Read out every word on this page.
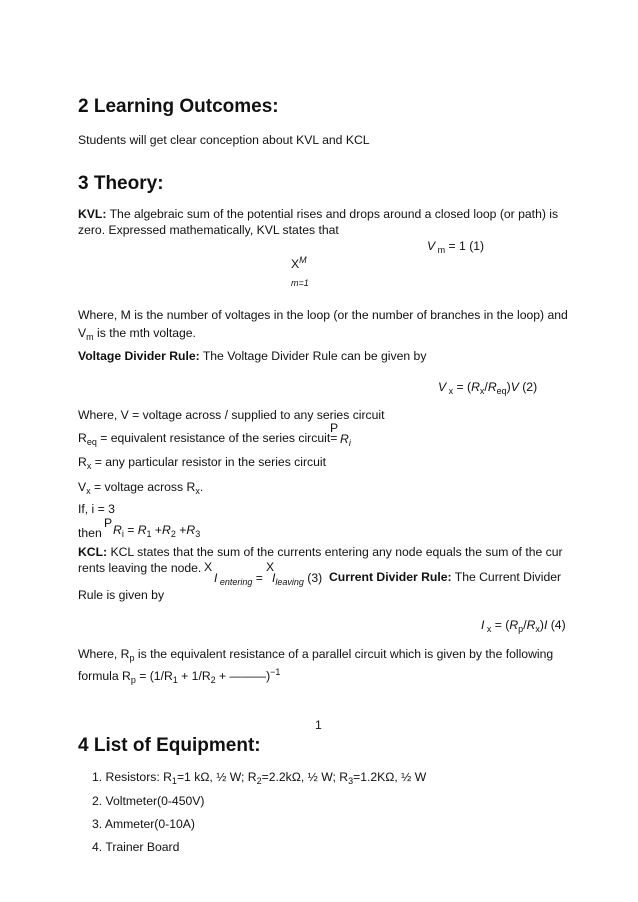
2 Learning Outcomes:
Students will get clear conception about KVL and KCL
3 Theory:
KVL: The algebraic sum of the potential rises and drops around a closed loop (or path) is
zero. Expressed mathematically, KVL states that
$X^M$
m=1
V $_m$ = 1 (1)
Where, M is the number of voltages in the loop (or the number of branches in the loop) and
$V_m$ is the mth voltage.
Voltage Divider Rule: The Voltage Divider Rule can be given by
V $_x = (R_x/R_{eq})V$ (2)
Where, V = voltage across / supplied to any series circuit
$R_{eq}$ = equivalent resistance of the series circuit=
P
$R_i$
$R_x$ = any particular resistor in the series circuit
$V_x$ = voltage across $R_x$.
If, i = 3
then
P $R_i = R_1 +R_2 +R_3$
KCL: KCL states that the sum of the currents entering any node equals the sum of the cur
rents leaving the node. X
I $_{entering}$ =
X
$I_{leaving}$ (3) Current Divider Rule: The Current Divider
Rule is given by
I $_x = (R_p/R_x)I$ (4)
Where, $R_p$ is the equivalent resistance of a parallel circuit which is given by the following
formula $R_p = (1/R_1 + 1/R_2$ + ———)$^{-1}$
1
4 List of Equipment:
1. Resistors: $R_1=1$ kΩ, ½ W; $R_2=2.2k\Omega$, ½ W; $R_3=1.2K\Omega$, ½ W
2. Voltmeter(0-450V)
3. Ammeter(0-10A)
4. Trainer Board
